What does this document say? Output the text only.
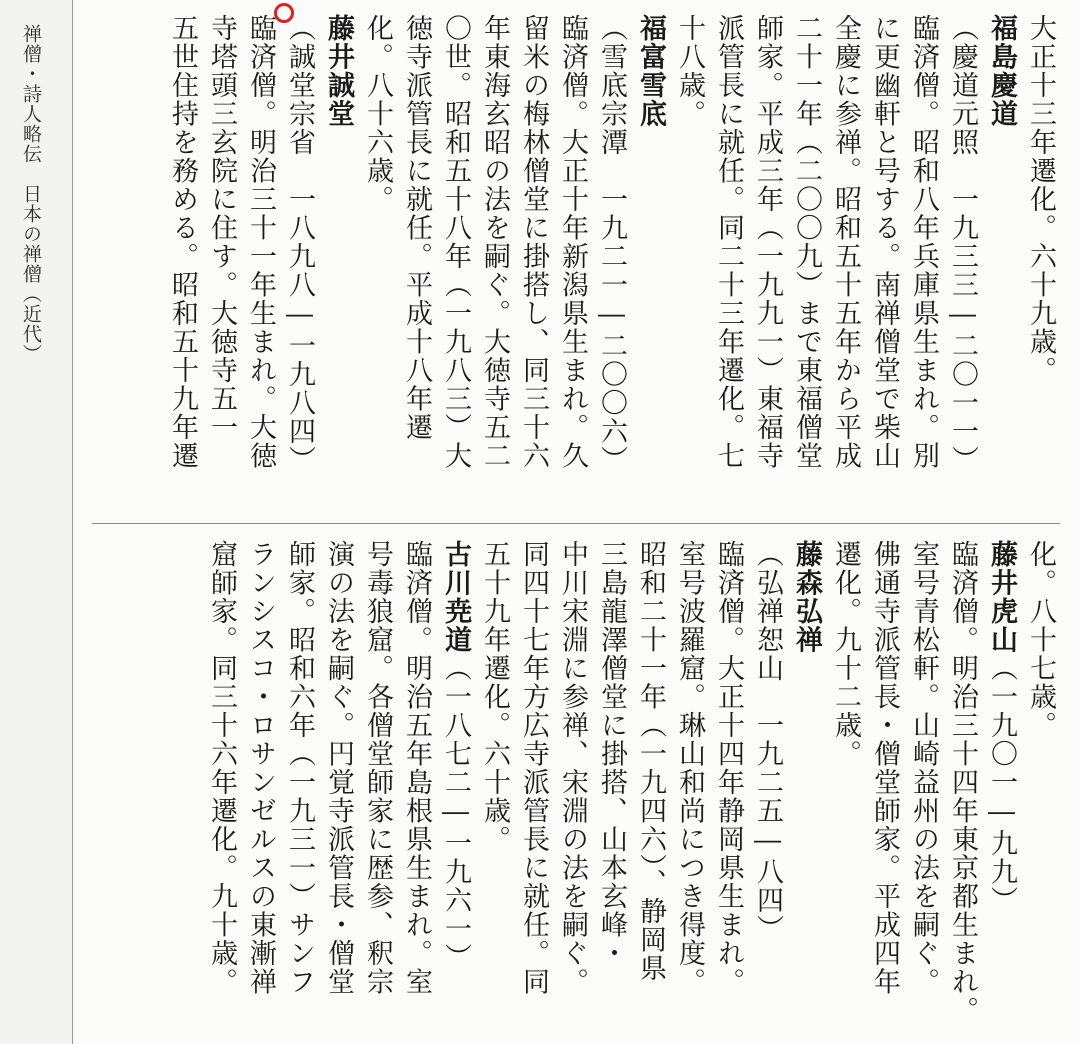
禅僧・詩人略伝　日本の禅僧（近代）	大正十三年遷化。六十九歳。
福島慶道
（慶道元照　一九三三―二〇一一）
臨済僧。昭和八年兵庫県生まれ。別
に更幽軒と号する。南禅僧堂で柴山
全慶に参禅。昭和五十五年から平成
二十一年（二〇〇九）まで東福僧堂
師家。平成三年（一九九一）東福寺
派管長に就任。同二十三年遷化。七
十八歳。
福富雪底
（雪底宗潭　一九二一―二〇〇六）
臨済僧。大正十年新潟県生まれ。久
留米の梅林僧堂に掛搭し、同三十六
年東海玄昭の法を嗣ぐ。大徳寺五二
〇世。昭和五十八年（一九八三）大
徳寺派管長に就任。平成十八年遷
化。八十六歳。
藤井誠堂
（誠堂宗省　一八九八―一九八四）
臨済僧。明治三十一年生まれ。大徳
寺塔頭三玄院に住す。大徳寺五一
五世住持を務める。昭和五十九年遷
化。八十七歳。
藤井虎山（一九〇一―九九）
臨済僧。明治三十四年東京都生まれ。
室号青松軒。山崎益州の法を嗣ぐ。
佛通寺派管長・僧堂師家。平成四年
遷化。九十二歳。
藤森弘禅
（弘禅恕山　一九二五―八四）
臨済僧。大正十四年静岡県生まれ。
室号波羅窟。琳山和尚につき得度。
昭和二十一年（一九四六）、静岡県
三島龍澤僧堂に掛搭、山本玄峰・
中川宋淵に参禅、宋淵の法を嗣ぐ。
同四十七年方広寺派管長に就任。同
五十九年遷化。六十歳。
古川尭道（一八七二―一九六一）
臨済僧。明治五年島根県生まれ。室
号毒狼窟。各僧堂師家に歴参、釈宗
演の法を嗣ぐ。円覚寺派管長・僧堂
師家。昭和六年（一九三一）サンフ
ランシスコ・ロサンゼルスの東漸禅
窟師家。同三十六年遷化。九十歳。
